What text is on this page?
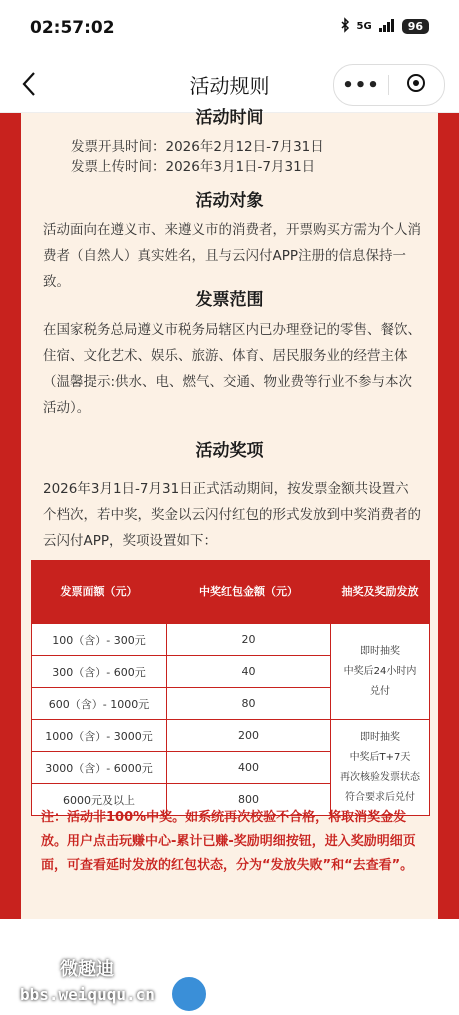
02:57:02	5G	96
活动规则	•••
活动时间
发票开具时间：2026年2月12日-7月31日
发票上传时间：2026年3月1日-7月31日
活动对象
活动面向在遵义市、来遵义市的消费者，开票购买方需为个人消费者（自然人）真实姓名，且与云闪付APP注册的信息保持一致。
发票范围
在国家税务总局遵义市税务局辖区内已办理登记的零售、餐饮、住宿、文化艺术、娱乐、旅游、体育、居民服务业的经营主体（温馨提示:供水、电、燃气、交通、物业费等行业不参与本次活动）。
活动奖项
2026年3月1日-7月31日正式活动期间，按发票金额共设置六个档次，若中奖，奖金以云闪付红包的形式发放到中奖消费者的云闪付APP，奖项设置如下：
发票面额（元）	中奖红包金额（元）	抽奖及奖励发放
100（含）- 300元	20	即时抽奖
中奖后24小时内
兑付

300（含）- 600元	40	
600（含）- 1000元	80	
1000（含）- 3000元	200	即时抽奖
中奖后T+7天
再次核验发票状态
符合要求后兑付

3000（含）- 6000元	400	
6000元及以上	800	
注：活动非100%中奖。如系统再次校验不合格，将取消奖金发放。用户点击玩赚中心-累计已赚-奖励明细按钮，进入奖励明细页面，可查看延时发放的红包状态，分为“发放失败”和“去查看”。
微趣迪
bbs.weiququ.cn
